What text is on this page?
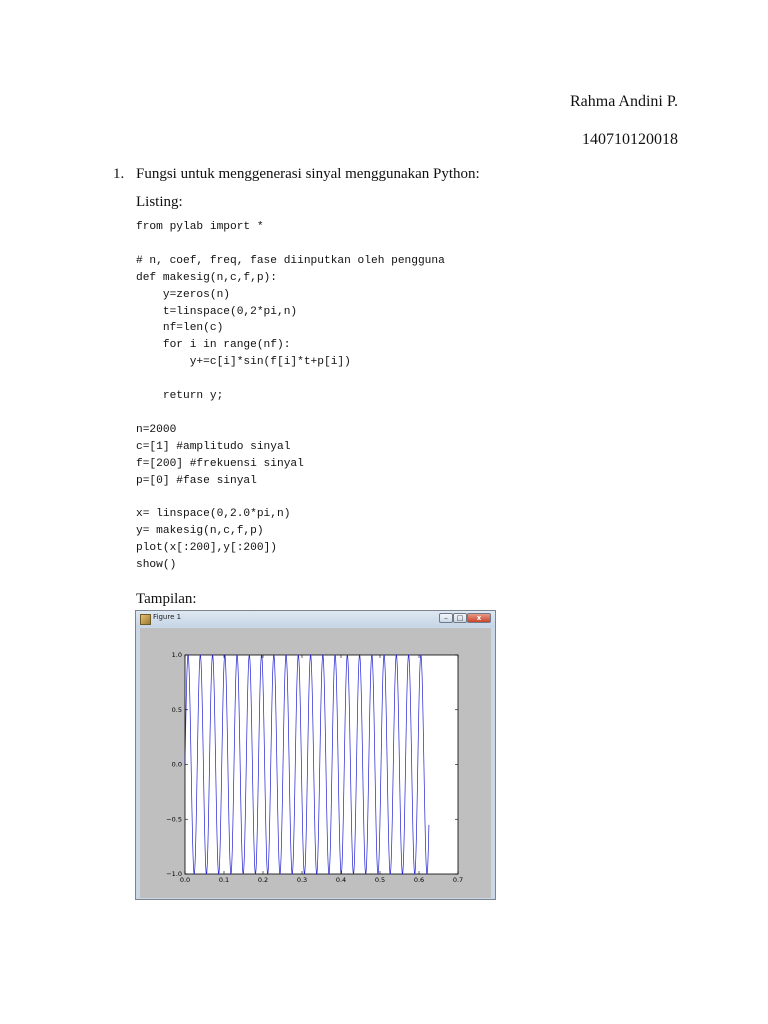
Rahma Andini P.
140710120018
1. Fungsi untuk menggenerasi sinyal menggunakan Python:
Listing:
from pylab import *

# n, coef, freq, fase diinputkan oleh pengguna
def makesig(n,c,f,p):
y=zeros(n)
t=linspace(0,2*pi,n)
nf=len(c)
for i in range(nf):
y+=c[i]*sin(f[i]*t+p[i])

return y;

n=2000
c=[1] #amplitudo sinyal
f=[200] #frekuensi sinyal
p=[0] #fase sinyal

x= linspace(0,2.0*pi,n)
y= makesig(n,c,f,p)
plot(x[:200],y[:200])
show()
Tampilan:
Figure 1	–	□	x
0.0	0.1	0.2	0.3	0.4	0.5	0.6	0.7
1.0
0.5
0.0
−0.5
−1.0
